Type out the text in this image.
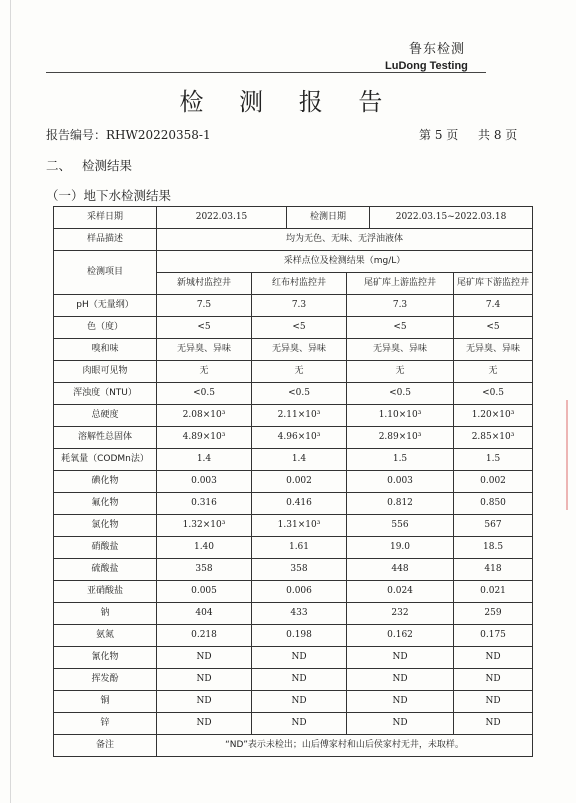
鲁东检测
LuDong Testing
检 测 报 告
报告编号：RHW20220358-1	第 5 页 共 8 页
二、 检测结果
（一）地下水检测结果
采样日期	2022.03.15		检测日期		2022.03.15~2022.03.18	
样品描述	均为无色、无味、无浮油液体					
检测项目	采样点位及检测结果（mg/L）					
	新城村监控井	红布村监控井		尾矿库上游监控井		尾矿库下游监控井
pH（无量纲）	7.5	7.3		7.3		7.4
色（度）	<5	<5		<5		<5
嗅和味	无异臭、异味	无异臭、异味		无异臭、异味		无异臭、异味
肉眼可见物	无	无		无		无
浑浊度（NTU）	<0.5	<0.5		<0.5		<0.5
总硬度	2.08×10³	2.11×10³		1.10×10³		1.20×10³
溶解性总固体	4.89×10³	4.96×10³		2.89×10³		2.85×10³
耗氧量（CODMn法）	1.4	1.4		1.5		1.5
碘化物	0.003	0.002		0.003		0.002
氟化物	0.316	0.416		0.812		0.850
氯化物	1.32×10³	1.31×10³		556		567
硝酸盐	1.40	1.61		19.0		18.5
硫酸盐	358	358		448		418
亚硝酸盐	0.005	0.006		0.024		0.021
钠	404	433		232		259
氨氮	0.218	0.198		0.162		0.175
氰化物	ND	ND		ND		ND
挥发酚	ND	ND		ND		ND
铜	ND	ND		ND		ND
锌	ND	ND		ND		ND
备注	“ND”表示未检出；山后傅家村和山后侯家村无井，未取样。					
